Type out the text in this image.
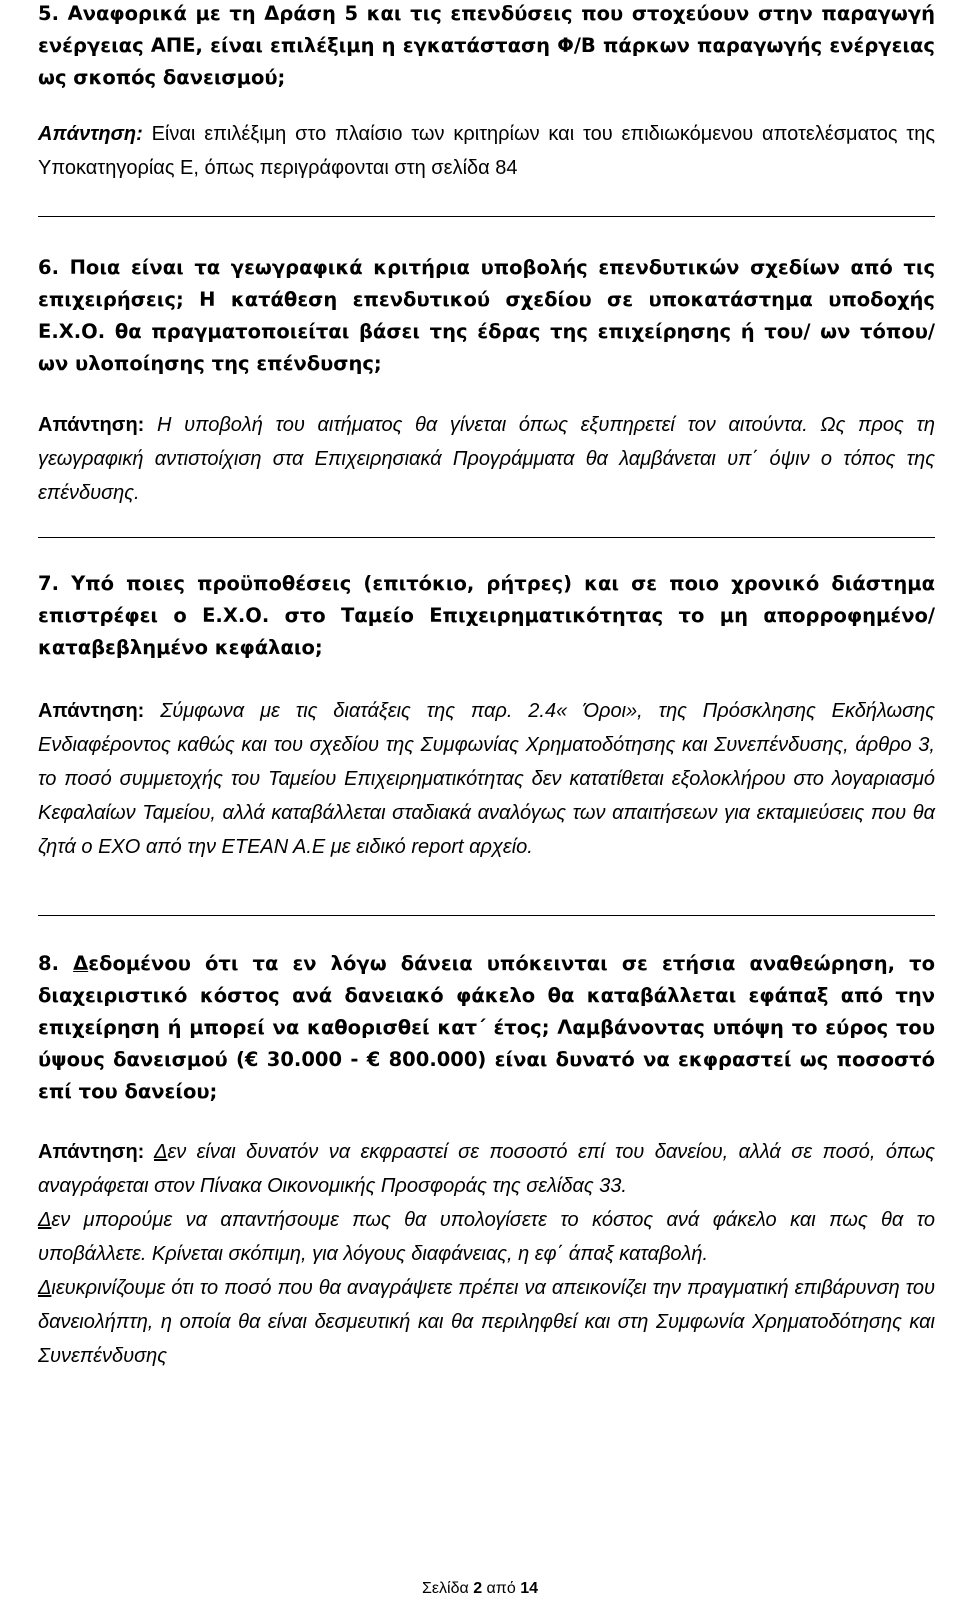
5. Αναφορικά με τη Δράση 5 και τις επενδύσεις που στοχεύουν στην παραγωγή ενέργειας ΑΠΕ, είναι επιλέξιμη η εγκατάσταση Φ/Β πάρκων παραγωγής ενέργειας ως σκοπός δανεισμού;
Απάντηση: Είναι επιλέξιμη στο πλαίσιο των κριτηρίων και του επιδιωκόμενου αποτελέσματος της Υποκατηγορίας Ε, όπως περιγράφονται στη σελίδα 84
6. Ποια είναι τα γεωγραφικά κριτήρια υποβολής επενδυτικών σχεδίων από τις επιχειρήσεις; Η κατάθεση επενδυτικού σχεδίου σε υποκατάστημα υποδοχής Ε.Χ.Ο. θα πραγματοποιείται βάσει της έδρας της επιχείρησης ή του/ ων τόπου/ ων υλοποίησης της επένδυσης;
Απάντηση: Η υποβολή του αιτήματος θα γίνεται όπως εξυπηρετεί τον αιτούντα. Ως προς τη γεωγραφική αντιστοίχιση στα Επιχειρησιακά Προγράμματα θα λαμβάνεται υπ΄ όψιν ο τόπος της επένδυσης.
7. Υπό ποιες προϋποθέσεις (επιτόκιο, ρήτρες) και σε ποιο χρονικό διάστημα επιστρέφει ο Ε.Χ.Ο. στο Ταμείο Επιχειρηματικότητας το μη απορροφημένο/ καταβεβλημένο κεφάλαιο;
Απάντηση: Σύμφωνα με τις διατάξεις της παρ. 2.4« Όροι», της Πρόσκλησης Εκδήλωσης Ενδιαφέροντος καθώς και του σχεδίου της Συμφωνίας Χρηματοδότησης και Συνεπένδυσης, άρθρο 3, το ποσό συμμετοχής του Ταμείου Επιχειρηματικότητας δεν κατατίθεται εξολοκλήρου στο λογαριασμό Κεφαλαίων Ταμείου, αλλά καταβάλλεται σταδιακά αναλόγως των απαιτήσεων για εκταμιεύσεις που θα ζητά ο ΕΧΟ από την ΕΤΕΑΝ Α.Ε με ειδικό report αρχείο.
8. Δεδομένου ότι τα εν λόγω δάνεια υπόκεινται σε ετήσια αναθεώρηση, το διαχειριστικό κόστος ανά δανειακό φάκελο θα καταβάλλεται εφάπαξ από την επιχείρηση ή μπορεί να καθορισθεί κατ΄ έτος; Λαμβάνοντας υπόψη το εύρος του ύψους δανεισμού (€ 30.000 - € 800.000) είναι δυνατό να εκφραστεί ως ποσοστό επί του δανείου;
Απάντηση: Δεν είναι δυνατόν να εκφραστεί σε ποσοστό επί του δανείου, αλλά σε ποσό, όπως αναγράφεται στον Πίνακα Οικονομικής Προσφοράς της σελίδας 33.
Δεν μπορούμε να απαντήσουμε πως θα υπολογίσετε το κόστος ανά φάκελο και πως θα το υποβάλλετε. Κρίνεται σκόπιμη, για λόγους διαφάνειας, η εφ΄ άπαξ καταβολή.
Διευκρινίζουμε ότι το ποσό που θα αναγράψετε πρέπει να απεικονίζει την πραγματική επιβάρυνση του δανειολήπτη, η οποία θα είναι δεσμευτική και θα περιληφθεί και στη Συμφωνία Χρηματοδότησης και Συνεπένδυσης
Σελίδα 2 από 14
